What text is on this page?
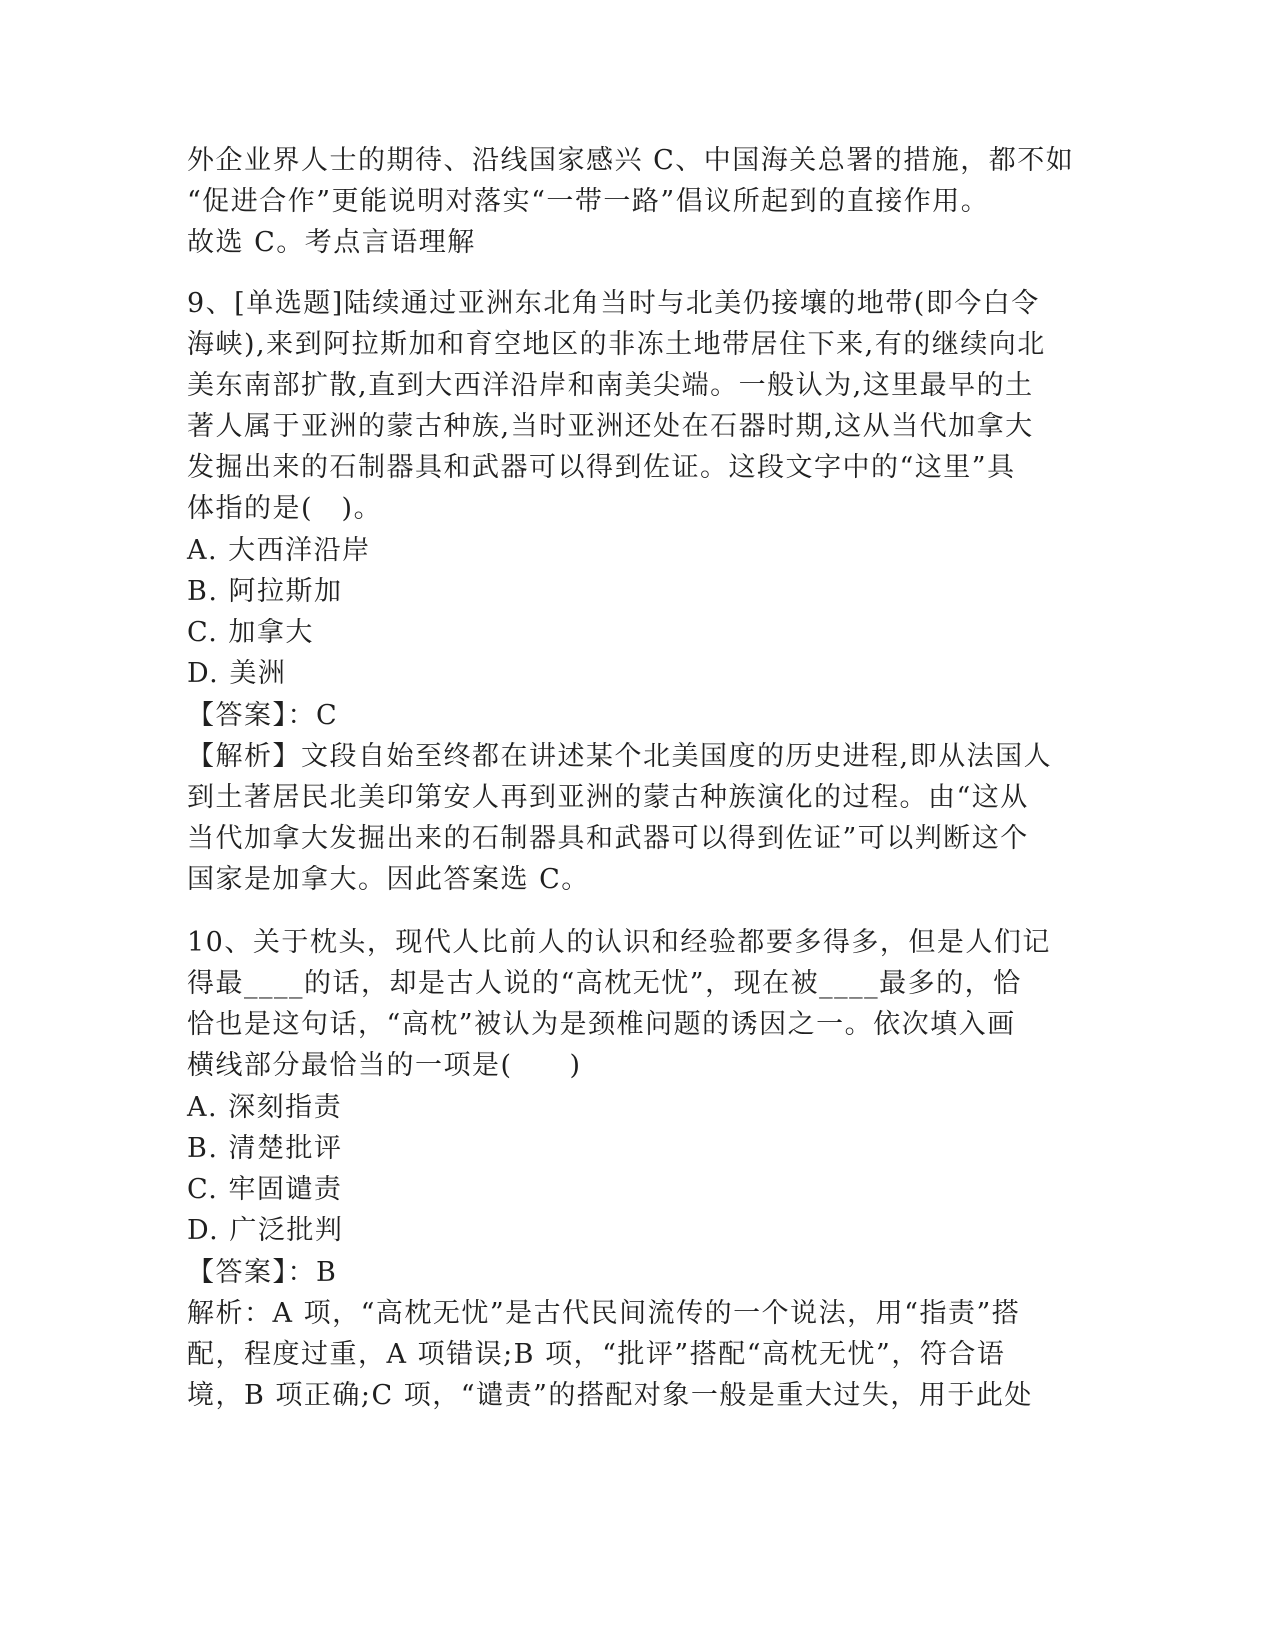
外企业界人士的期待、沿线国家感兴 C、中国海关总署的措施，都不如

“促进合作”更能说明对落实“一带一路”倡议所起到的直接作用。

故选 C。考点言语理解

9、[单选题]陆续通过亚洲东北角当时与北美仍接壤的地带(即今白令

海峡),来到阿拉斯加和育空地区的非冻土地带居住下来,有的继续向北

美东南部扩散,直到大西洋沿岸和南美尖端。一般认为,这里最早的土

著人属于亚洲的蒙古种族,当时亚洲还处在石器时期,这从当代加拿大

发掘出来的石制器具和武器可以得到佐证。这段文字中的“这里”具

体指的是(　)。

A. 大西洋沿岸

B. 阿拉斯加

C. 加拿大

D. 美洲

【答案】：C

【解析】文段自始至终都在讲述某个北美国度的历史进程,即从法国人

到土著居民北美印第安人再到亚洲的蒙古种族演化的过程。由“这从

当代加拿大发掘出来的石制器具和武器可以得到佐证”可以判断这个

国家是加拿大。因此答案选 C。

10、关于枕头，现代人比前人的认识和经验都要多得多，但是人们记

得最____的话，却是古人说的“高枕无忧”，现在被____最多的，恰

恰也是这句话，“高枕”被认为是颈椎问题的诱因之一。依次填入画

横线部分最恰当的一项是(　　)

A. 深刻指责

B. 清楚批评

C. 牢固谴责

D. 广泛批判

【答案】：B

解析：A 项，“高枕无忧”是古代民间流传的一个说法，用“指责”搭

配，程度过重，A 项错误;B 项，“批评”搭配“高枕无忧”，符合语

境，B 项正确;C 项，“谴责”的搭配对象一般是重大过失，用于此处
